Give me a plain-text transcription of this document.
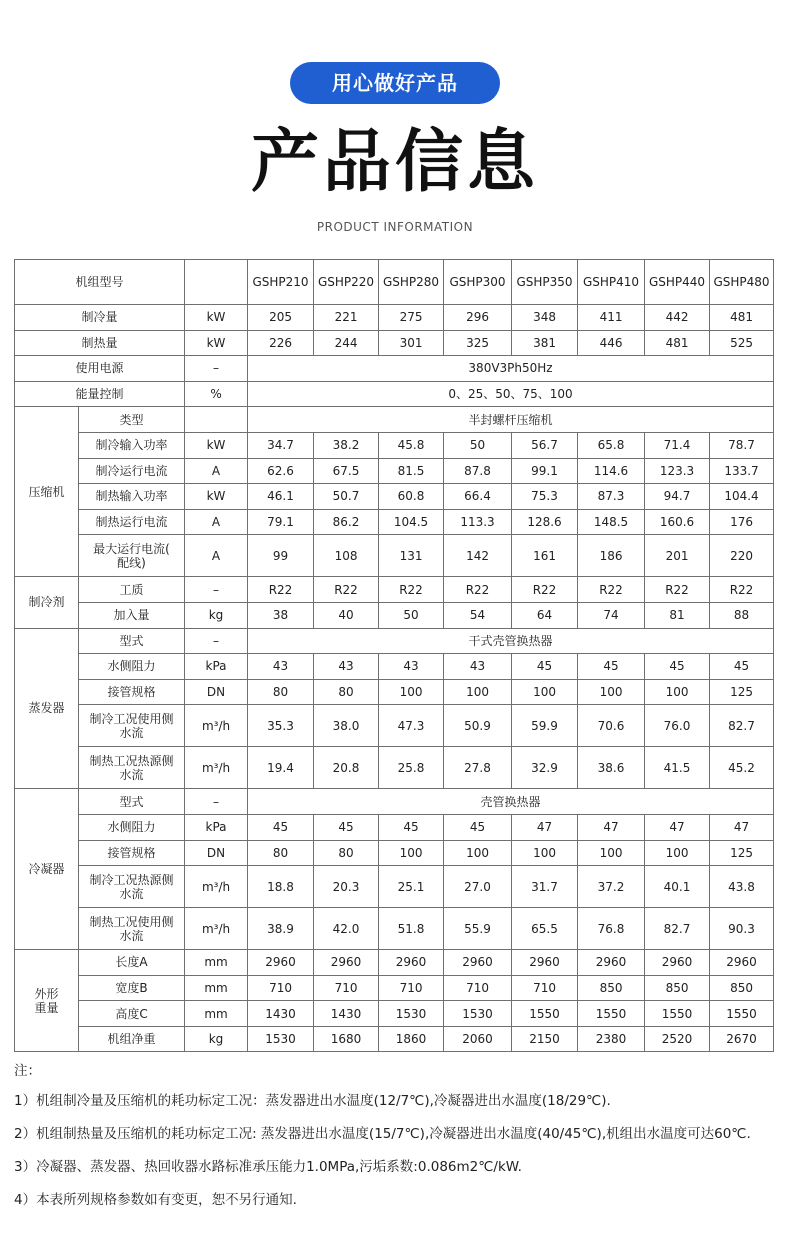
用心做好产品
产品信息
PRODUCT INFORMATION
机组型号			GSHP210	GSHP220	GSHP280	GSHP300	GSHP350	GSHP410	GSHP440	GSHP480
制冷量		kW	205	221	275	296	348	411	442	481
制热量		kW	226	244	301	325	381	446	481	525
使用电源		–	380V3Ph50Hz							
能量控制		%	0、25、50、75、100							
压缩机	类型		半封螺杆压缩机							
	制冷输入功率	kW	34.7	38.2	45.8	50	56.7	65.8	71.4	78.7
	制冷运行电流	A	62.6	67.5	81.5	87.8	99.1	114.6	123.3	133.7
	制热输入功率	kW	46.1	50.7	60.8	66.4	75.3	87.3	94.7	104.4
	制热运行电流	A	79.1	86.2	104.5	113.3	128.6	148.5	160.6	176

	最大运行电流(
配线)	A	99	108	131	142	161	186	201	220
制冷剂	工质	–	R22	R22	R22	R22	R22	R22	R22	R22
	加入量	kg	38	40	50	54	64	74	81	88
蒸发器	型式	–	干式壳管换热器							
	水侧阻力	kPa	43	43	43	43	45	45	45	45
	接管规格	DN	80	80	100	100	100	100	100	125

	制冷工况使用侧
水流	m³/h	35.3	38.0	47.3	50.9	59.9	70.6	76.0	82.7

	制热工况热源侧
水流	m³/h	19.4	20.8	25.8	27.8	32.9	38.6	41.5	45.2
冷凝器	型式	–	壳管换热器							
	水侧阻力	kPa	45	45	45	45	47	47	47	47
	接管规格	DN	80	80	100	100	100	100	100	125

	制冷工况热源侧
水流	m³/h	18.8	20.3	25.1	27.0	31.7	37.2	40.1	43.8

	制热工况使用侧
水流	m³/h	38.9	42.0	51.8	55.9	65.5	76.8	82.7	90.3

外形
重量	长度A	mm	2960	2960	2960	2960	2960	2960	2960	2960
	宽度B	mm	710	710	710	710	710	850	850	850
	高度C	mm	1430	1430	1530	1530	1550	1550	1550	1550
	机组净重	kg	1530	1680	1860	2060	2150	2380	2520	2670

注：

1）机组制冷量及压缩机的耗功标定工况：蒸发器进出水温度(12/7℃),冷凝器进出水温度(18/29℃).

2）机组制热量及压缩机的耗功标定工况: 蒸发器进出水温度(15/7℃),冷凝器进出水温度(40/45℃),机组出水温度可达60℃.

3）冷凝器、蒸发器、热回收器水路标准承压能力1.0MPa,污垢系数:0.086m2℃/kW.

4）本表所列规格参数如有变更，恕不另行通知.
